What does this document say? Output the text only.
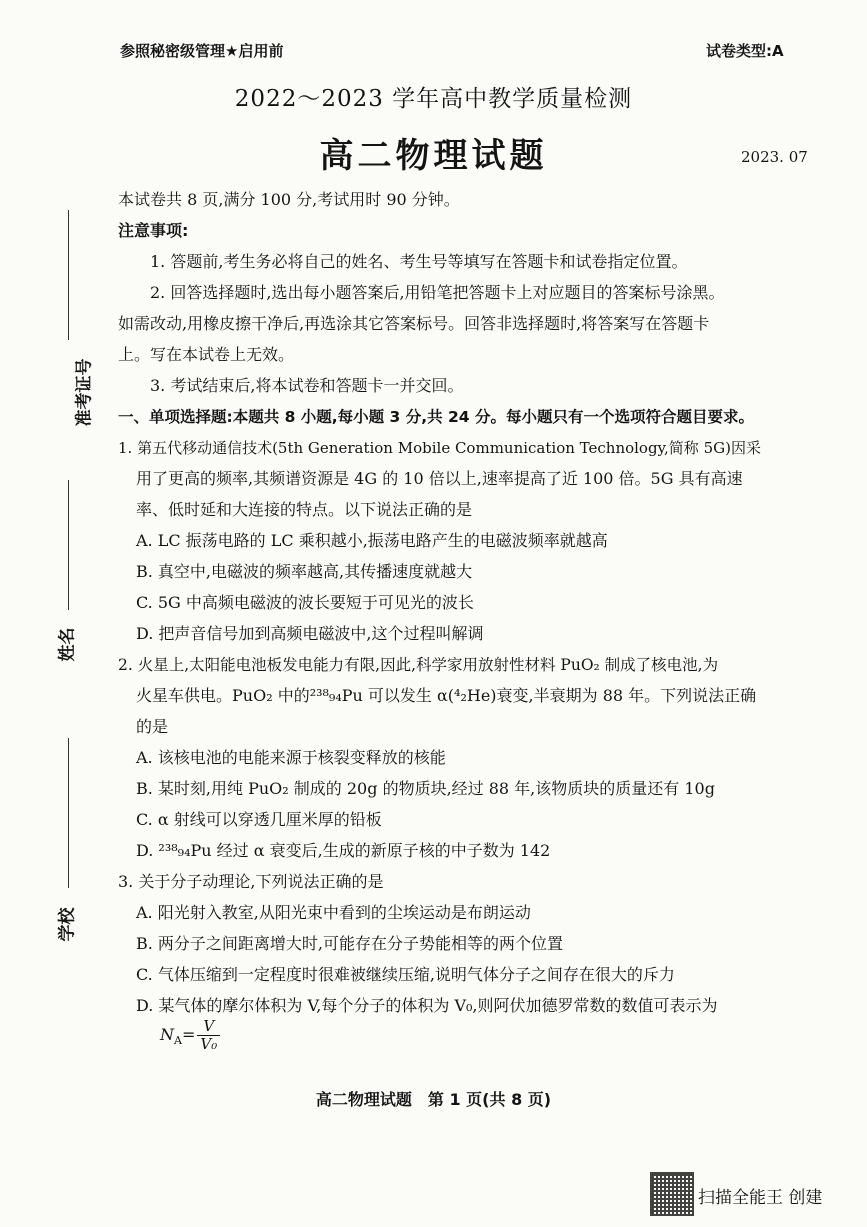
参照秘密级管理★启用前	试卷类型:A
2022～2023 学年高中教学质量检测
高二物理试题	2023. 07
准考证号
姓名
学校
本试卷共 8 页,满分 100 分,考试用时 90 分钟。
注意事项:
1. 答题前,考生务必将自己的姓名、考生号等填写在答题卡和试卷指定位置。
2. 回答选择题时,选出每小题答案后,用铅笔把答题卡上对应题目的答案标号涂黑。
如需改动,用橡皮擦干净后,再选涂其它答案标号。回答非选择题时,将答案写在答题卡
上。写在本试卷上无效。
3. 考试结束后,将本试卷和答题卡一并交回。
一、单项选择题:本题共 8 小题,每小题 3 分,共 24 分。每小题只有一个选项符合题目要求。
1. 第五代移动通信技术(5th Generation Mobile Communication Technology,简称 5G)因采
用了更高的频率,其频谱资源是 4G 的 10 倍以上,速率提高了近 100 倍。5G 具有高速
率、低时延和大连接的特点。以下说法正确的是
A. LC 振荡电路的 LC 乘积越小,振荡电路产生的电磁波频率就越高
B. 真空中,电磁波的频率越高,其传播速度就越大
C. 5G 中高频电磁波的波长要短于可见光的波长
D. 把声音信号加到高频电磁波中,这个过程叫解调
2. 火星上,太阳能电池板发电能力有限,因此,科学家用放射性材料 PuO₂ 制成了核电池,为
火星车供电。PuO₂ 中的²³⁸₉₄Pu 可以发生 α(⁴₂He)衰变,半衰期为 88 年。下列说法正确
的是
A. 该核电池的电能来源于核裂变释放的核能
B. 某时刻,用纯 PuO₂ 制成的 20g 的物质块,经过 88 年,该物质块的质量还有 10g
C. α 射线可以穿透几厘米厚的铅板
D. ²³⁸₉₄Pu 经过 α 衰变后,生成的新原子核的中子数为 142
3. 关于分子动理论,下列说法正确的是
A. 阳光射入教室,从阳光束中看到的尘埃运动是布朗运动
B. 两分子之间距离增大时,可能存在分子势能相等的两个位置
C. 气体压缩到一定程度时很难被继续压缩,说明气体分子之间存在很大的斥力
D. 某气体的摩尔体积为 V,每个分子的体积为 V₀,则阿伏加德罗常数的数值可表示为
$N_A= \frac{V}{\text{V₀}}$
高二物理试题　第 1 页(共 8 页)
扫描全能王 创建
